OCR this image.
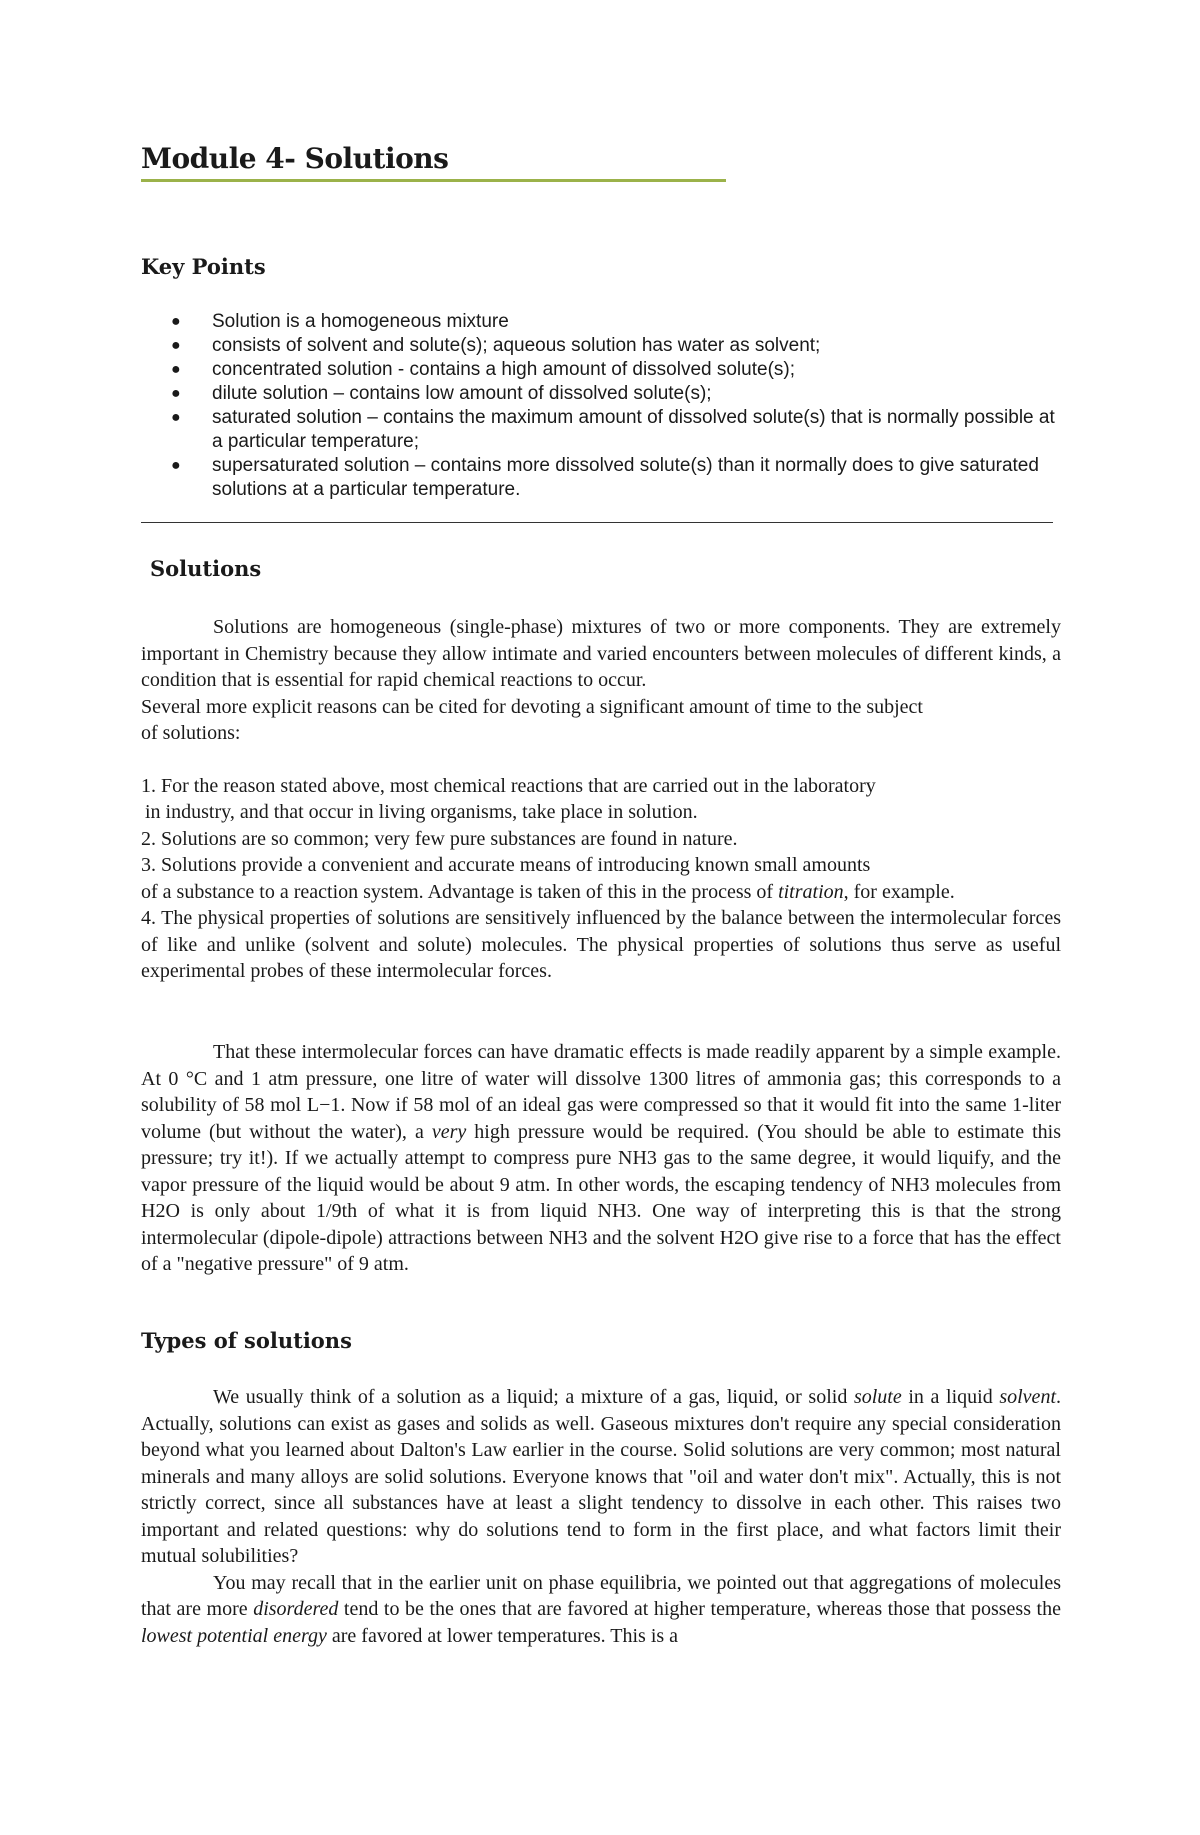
Module 4- Solutions
Key Points
● Solution is a homogeneous mixture
● consists of solvent and solute(s); aqueous solution has water as solvent;
● concentrated solution - contains a high amount of dissolved solute(s);
● dilute solution – contains low amount of dissolved solute(s);
● saturated solution – contains the maximum amount of dissolved solute(s) that is normally possible at a particular temperature;
● supersaturated solution – contains more dissolved solute(s) than it normally does to give saturated solutions at a particular temperature.
Solutions

Solutions are homogeneous (single-phase) mixtures of two or more components. They are extremely important in Chemistry because they allow intimate and varied encounters between molecules of different kinds, a condition that is essential for rapid chemical reactions to occur.

Several more explicit reasons can be cited for devoting a significant amount of time to the subject

of solutions:

1. For the reason stated above, most chemical reactions that are carried out in the laboratory

in industry, and that occur in living organisms, take place in solution.

2. Solutions are so common; very few pure substances are found in nature.

3. Solutions provide a convenient and accurate means of introducing known small amounts

of a substance to a reaction system. Advantage is taken of this in the process of titration, for example.

4. The physical properties of solutions are sensitively influenced by the balance between the intermolecular forces of like and unlike (solvent and solute) molecules. The physical properties of solutions thus serve as useful experimental probes of these intermolecular forces.

That these intermolecular forces can have dramatic effects is made readily apparent by a simple example. At 0 °C and 1 atm pressure, one litre of water will dissolve 1300 litres of ammonia gas; this corresponds to a solubility of 58 mol L−1. Now if 58 mol of an ideal gas were compressed so that it would fit into the same 1-liter volume (but without the water), a very high pressure would be required. (You should be able to estimate this pressure; try it!). If we actually attempt to compress pure NH3 gas to the same degree, it would liquify, and the vapor pressure of the liquid would be about 9 atm. In other words, the escaping tendency of NH3 molecules from H2O is only about 1/9th of what it is from liquid NH3. One way of interpreting this is that the strong intermolecular (dipole-dipole) attractions between NH3 and the solvent H2O give rise to a force that has the effect of a "negative pressure" of 9 atm.

Types of solutions

We usually think of a solution as a liquid; a mixture of a gas, liquid, or solid solute in a liquid solvent. Actually, solutions can exist as gases and solids as well. Gaseous mixtures don't require any special consideration beyond what you learned about Dalton's Law earlier in the course. Solid solutions are very common; most natural minerals and many alloys are solid solutions. Everyone knows that "oil and water don't mix". Actually, this is not strictly correct, since all substances have at least a slight tendency to dissolve in each other. This raises two important and related questions: why do solutions tend to form in the first place, and what factors limit their mutual solubilities?

You may recall that in the earlier unit on phase equilibria, we pointed out that aggregations of molecules that are more disordered tend to be the ones that are favored at higher temperature, whereas those that possess the lowest potential energy are favored at lower temperatures. This is a
